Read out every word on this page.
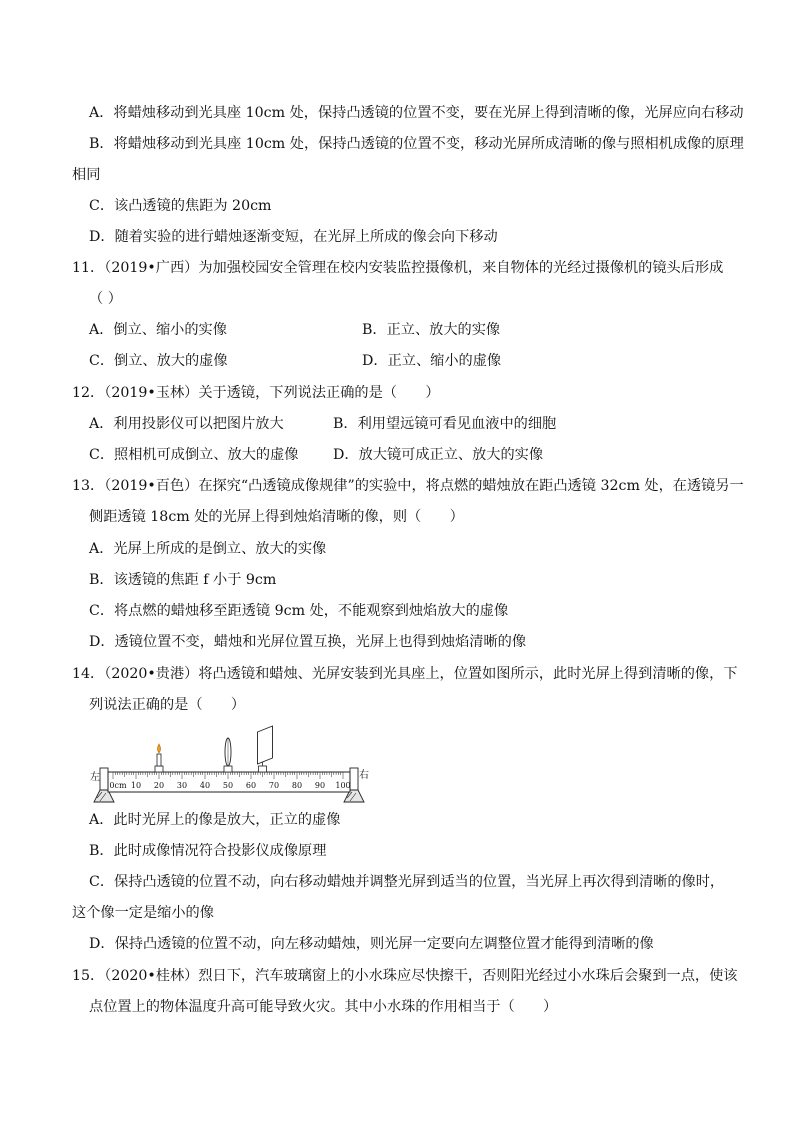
A．将蜡烛移动到光具座 10cm 处，保持凸透镜的位置不变，要在光屏上得到清晰的像，光屏应向右移动
B．将蜡烛移动到光具座 10cm 处，保持凸透镜的位置不变，移动光屏所成清晰的像与照相机成像的原理
相同
C．该凸透镜的焦距为 20cm
D．随着实验的进行蜡烛逐渐变短，在光屏上所成的像会向下移动
11．（2019•广西）为加强校园安全管理在校内安装监控摄像机，来自物体的光经过摄像机的镜头后形成
（ ）
A．倒立、缩小的实像	B．正立、放大的实像
C．倒立、放大的虚像	D．正立、缩小的虚像
12．（2019•玉林）关于透镜，下列说法正确的是（　　）
A．利用投影仪可以把图片放大	B．利用望远镜可看见血液中的细胞
C．照相机可成倒立、放大的虚像 D．放大镜可成正立、放大的实像
13．（2019•百色）在探究“凸透镜成像规律”的实验中，将点燃的蜡烛放在距凸透镜 32cm 处，在透镜另一
侧距透镜 18cm 处的光屏上得到烛焰清晰的像，则（　　）
A．光屏上所成的是倒立、放大的实像
B．该透镜的焦距 f 小于 9cm
C．将点燃的蜡烛移至距透镜 9cm 处，不能观察到烛焰放大的虚像
D．透镜位置不变，蜡烛和光屏位置互换，光屏上也得到烛焰清晰的像
14．（2020•贵港）将凸透镜和蜡烛、光屏安装到光具座上，位置如图所示，此时光屏上得到清晰的像，下
列说法正确的是（　　）
左	右
0cm 10 20 30 40 50 60 70 80 90 100
A．此时光屏上的像是放大，正立的虚像
B．此时成像情况符合投影仪成像原理
C．保持凸透镜的位置不动，向右移动蜡烛并调整光屏到适当的位置，当光屏上再次得到清晰的像时，
这个像一定是缩小的像
D．保持凸透镜的位置不动，向左移动蜡烛，则光屏一定要向左调整位置才能得到清晰的像
15．（2020•桂林）烈日下，汽车玻璃窗上的小水珠应尽快擦干，否则阳光经过小水珠后会聚到一点，使该
点位置上的物体温度升高可能导致火灾。其中小水珠的作用相当于（　　）
